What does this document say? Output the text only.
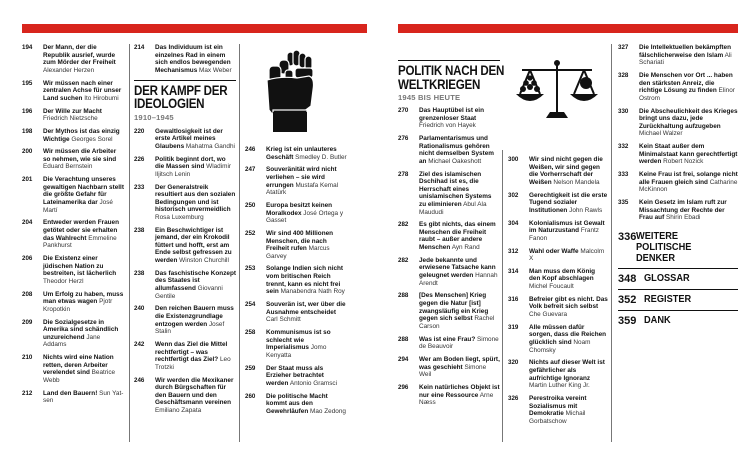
194 Der Mann, der die Republik ausrief, wurde zum Mörder der Freiheit Alexander Herzen
195 Wir müssen nach einer zentralen Achse für unser Land suchen Ito Hirobumi
196 Der Wille zur Macht Friedrich Nietzsche
198 Der Mythos ist das einzig Wichtige Georges Sorel
200 Wir müssen die Arbeiter so nehmen, wie sie sind Eduard Bernstein
201 Die Verachtung unseres gewaltigen Nachbarn stellt die größte Gefahr für Lateinamerika dar José Martí
204 Entweder werden Frauen getötet oder sie erhalten das Wahlrecht Emmeline Pankhurst
206 Die Existenz einer jüdischen Nation zu bestreiten, ist lächerlich Theodor Herzl
208 Um Erfolg zu haben, muss man etwas wagen Pjotr Kropotkin
209 Die Sozialgesetze in Amerika sind schändlich unzureichend Jane Addams
210 Nichts wird eine Nation retten, deren Arbeiter verelendet sind Beatrice Webb
212 Land den Bauern! Sun Yat-sen
214 Das Individuum ist ein einzelnes Rad in einem sich endlos bewegenden Mechanismus Max Weber
DER KAMPF DER IDEOLOGIEN
1910–1945
220 Gewaltlosigkeit ist der erste Artikel meines Glaubens Mahatma Gandhi
226 Politik beginnt dort, wo die Massen sind Wladimir Iljitsch Lenin
233 Der Generalstreik resultiert aus den sozialen Bedingungen und ist historisch unvermeidlich Rosa Luxemburg
238 Ein Beschwichtiger ist jemand, der ein Krokodil füttert und hofft, erst am Ende selbst gefressen zu werden Winston Churchill
238 Das faschistische Konzept des Staates ist allumfassend Giovanni Gentile
240 Den reichen Bauern muss die Existenzgrundlage entzogen werden Josef Stalin
242 Wenn das Ziel die Mittel rechtfertigt – was rechtfertigt das Ziel? Leo Trotzki
246 Wir werden die Mexikaner durch Bürgschaften für den Bauern und den Geschäftsmann vereinen Emiliano Zapata
246 Krieg ist ein unlauteres Geschäft Smedley D. Butler
247 Souveränität wird nicht verliehen – sie wird errungen Mustafa Kemal Atatürk
250 Europa besitzt keinen Moralkodex José Ortega y Gasset
252 Wir sind 400 Millionen Menschen, die nach Freiheit rufen Marcus Garvey
253 Solange Indien sich nicht vom britischen Reich trennt, kann es nicht frei sein Manabendra Nath Roy
254 Souverän ist, wer über die Ausnahme entscheidet Carl Schmitt
258 Kommunismus ist so schlecht wie Imperialismus Jomo Kenyatta
259 Der Staat muss als Erzieher betrachtet werden Antonio Gramsci
260 Die politische Macht kommt aus den Gewehrläufen Mao Zedong
POLITIK NACH DEN WELTKRIEGEN
1945 BIS HEUTE
270 Das Hauptübel ist ein grenzenloser Staat Friedrich von Hayek
276 Parlamentarismus und Rationalismus gehören nicht demselben System an Michael Oakeshott
278 Ziel des islamischen Dschihad ist es, die Herrschaft eines unislamischen Systems zu eliminieren Abul Ala Maududi
282 Es gibt nichts, das einem Menschen die Freiheit raubt – außer andere Menschen Ayn Rand
282 Jede bekannte und erwiesene Tatsache kann geleugnet werden Hannah Arendt
288 [Des Menschen] Krieg gegen die Natur [ist] zwangsläufig ein Krieg gegen sich selbst Rachel Carson
288 Was ist eine Frau? Simone de Beauvoir
294 Wer am Boden liegt, spürt, was geschieht Simone Weil
296 Kein natürliches Objekt ist nur eine Ressource Arne Næss
300 Wir sind nicht gegen die Weißen, wir sind gegen die Vorherrschaft der Weißen Nelson Mandela
302 Gerechtigkeit ist die erste Tugend sozialer Institutionen John Rawls
304 Kolonialismus ist Gewalt im Naturzustand Frantz Fanon
312 Wahl oder Waffe Malcolm X
314 Man muss dem König den Kopf abschlagen Michel Foucault
316 Befreier gibt es nicht. Das Volk befreit sich selbst Che Guevara
319 Alle müssen dafür sorgen, dass die Reichen glücklich sind Noam Chomsky
320 Nichts auf dieser Welt ist gefährlicher als aufrichtige Ignoranz Martin Luther King Jr.
326 Perestroika vereint Sozialismus mit Demokratie Michail Gorbatschow
327 Die Intellektuellen bekämpften fälschlicherweise den Islam Ali Schariati
328 Die Menschen vor Ort ... haben den stärksten Anreiz, die richtige Lösung zu finden Elinor Ostrom
330 Die Abscheulichkeit des Krieges bringt uns dazu, jede Zurückhaltung aufzugeben Michael Walzer
332 Kein Staat außer dem Minimalstaat kann gerechtfertigt werden Robert Nozick
333 Keine Frau ist frei, solange nicht alle Frauen gleich sind Catharine McKinnon
335 Kein Gesetz im Islam ruft zur Missachtung der Rechte der Frau auf Shirin Ebadi
336 WEITERE POLITISCHE DENKER
348 GLOSSAR
352 REGISTER
359 DANK
